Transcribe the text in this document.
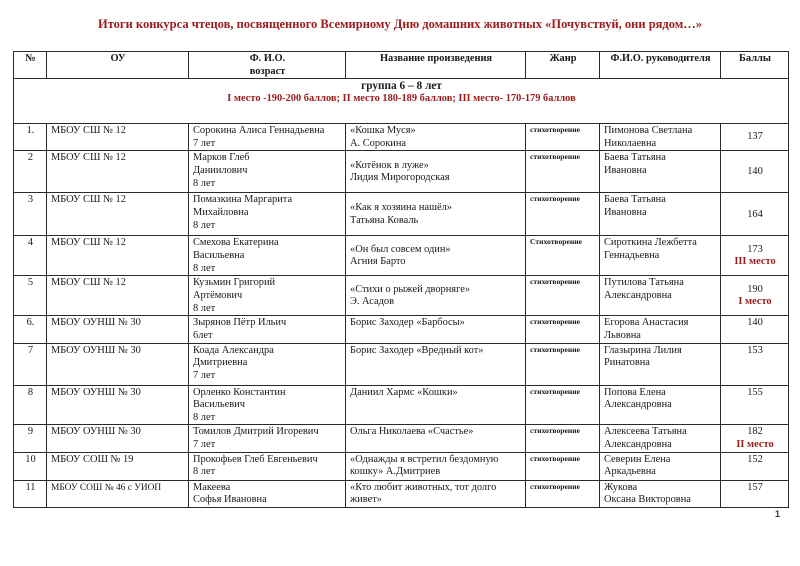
Итоги конкурса чтецов, посвященного Всемирному Дню домашних животных «Почувствуй, они рядом…»
№	ОУ	Ф. И.О.
возраст	Название произведения	Жанр	Ф.И.О. руководителя	Баллы

группа 6 – 8 лет
I место -190-200 баллов; II место 180-189 баллов; III место- 170-179 баллов						

1.	МБОУ СШ № 12	Сорокина Алиса Геннадьевна
7 лет	«Кошка Муся»
А. Сорокина	стихотворение	Пимонова Светлана
Николаевна	137

2	МБОУ СШ № 12	Марков Глеб
Даниилович
8 лет	«Котёнок в луже»
Лидия Мирогородская	стихотворение	Баева Татьяна
Ивановна	140

3	МБОУ СШ № 12	Помазкина Маргарита
Михайловна
8 лет	«Как я хозяина нашёл»
Татьяна Коваль	стихотворение	Баева Татьяна
Ивановна	164

4	МБОУ СШ № 12	Смехова Екатерина
Васильевна
8 лет	«Он был совсем один»
Агния Барто	Стихотворение	Сироткина Лежбетта
Геннадьевна	173
III место

5	МБОУ СШ № 12	Кузьмин Григорий
Артёмович
8 лет	«Стихи о рыжей дворняге»
Э. Асадов	стихотворение	Путилова Татьяна
Александровна	190
I место

6.	МБОУ ОУНШ № 30	Зырянов Пётр Ильич
6лет	Борис Заходер «Барбосы»	стихотворение	Егорова Анастасия
Львовна	140

7	МБОУ ОУНШ № 30	Коада Александра
Дмитриевна
7 лет	Борис Заходер «Вредный кот»	стихотворение	Глазырина Лилия
Ринатовна	153

8	МБОУ ОУНШ № 30	Орленко Константин
Васильевич
8 лет	Даниил Хармс «Кошки»	стихотворение	Попова Елена
Александровна	155

9	МБОУ ОУНШ № 30	Томилов Дмитрий Игоревич
7 лет	Ольга Николаева «Счастье»	стихотворение	Алексеева Татьяна
Александровна	182
II место

10	МБОУ СОШ № 19	Прокофьев Глеб Евгеньевич
8 лет	«Однажды я встретил бездомную
кошку» А.Дмитриев	стихотворение	Северин Елена
Аркадьевна	152

11	МБОУ СОШ № 46 с УИОП	Макеева
Софья Ивановна	«Кто любит животных, тот долго
живет»	стихотворение	Жукова
Оксана Викторовна	157
1
